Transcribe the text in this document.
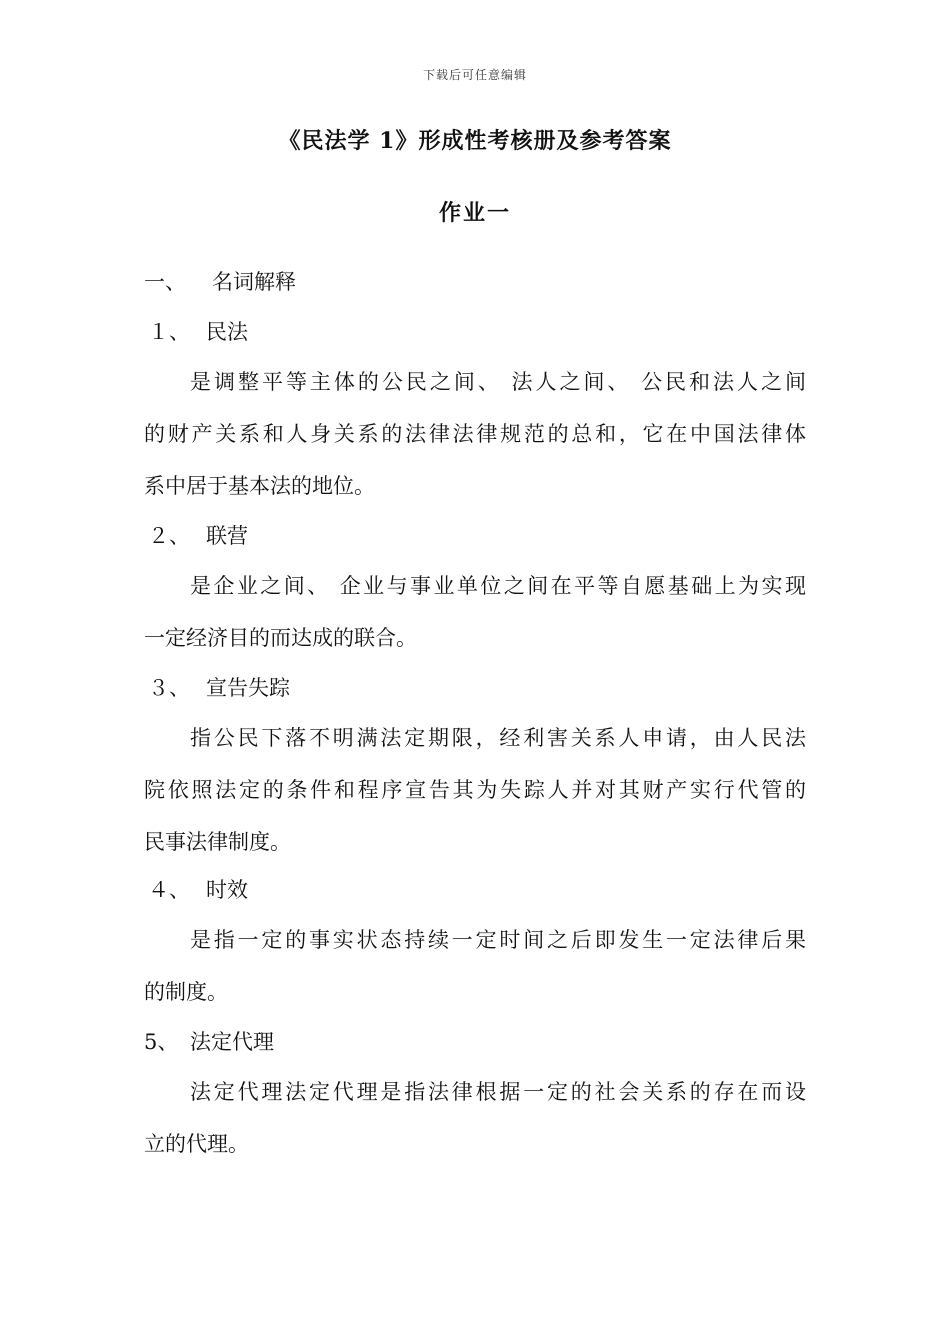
下载后可任意编辑
《民法学 1》形成性考核册及参考答案
作业一
一、 名词解释
１、 民法
是调整平等主体的公民之间、 法人之间、 公民和法人之间
的财产关系和人身关系的法律法律规范的总和，它在中国法律体
系中居于基本法的地位。
２、 联营
是企业之间、 企业与事业单位之间在平等自愿基础上为实现
一定经济目的而达成的联合。
３、 宣告失踪
指公民下落不明满法定期限，经利害关系人申请，由人民法
院依照法定的条件和程序宣告其为失踪人并对其财产实行代管的
民事法律制度。
４、 时效
是指一定的事实状态持续一定时间之后即发生一定法律后果
的制度。
5、 法定代理
法定代理法定代理是指法律根据一定的社会关系的存在而设
立的代理。
